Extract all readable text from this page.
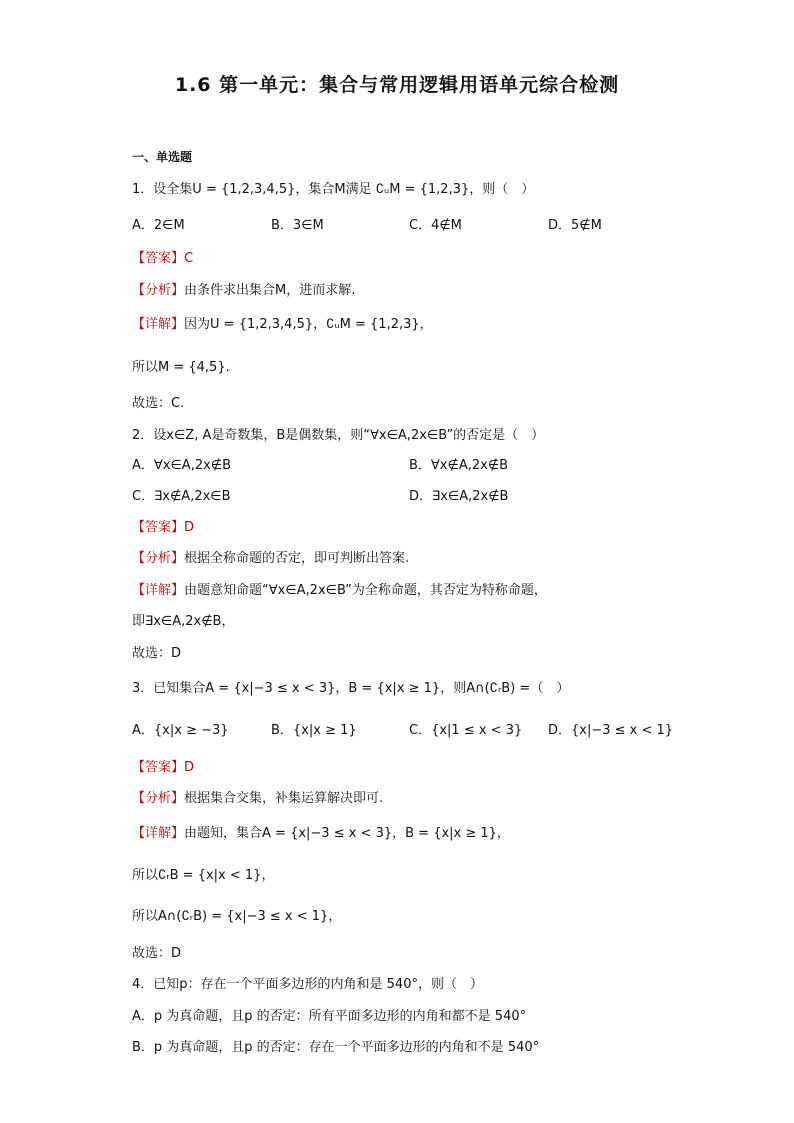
1.6 第一单元：集合与常用逻辑用语单元综合检测
一、单选题
1．设全集U = {1,2,3,4,5}，集合M满足 ∁ᵤM = {1,2,3}，则（　）
A．2∈M	B．3∈M	C．4∉M	D．5∉M
【答案】C
【分析】由条件求出集合M，进而求解.
【详解】因为U = {1,2,3,4,5}，∁ᵤM = {1,2,3}，
所以M = {4,5}.
故选：C.
2．设x∈Z, A是奇数集，B是偶数集，则“∀x∈A,2x∈B”的否定是（　）
A．∀x∈A,2x∉B	B．∀x∉A,2x∉B
C．∃x∉A,2x∈B	D．∃x∈A,2x∉B
【答案】D
【分析】根据全称命题的否定，即可判断出答案.
【详解】由题意知命题“∀x∈A,2x∈B”为全称命题，其否定为特称命题，
即∃x∈A,2x∉B，
故选：D
3．已知集合A = {x|−3 ≤ x < 3}，B = {x|x ≥ 1}，则A∩(∁ᵣB) =（　）
A．{x|x ≥ −3}	B．{x|x ≥ 1}	C．{x|1 ≤ x < 3} D．{x|−3 ≤ x < 1}
【答案】D
【分析】根据集合交集，补集运算解决即可.
【详解】由题知，集合A = {x|−3 ≤ x < 3}，B = {x|x ≥ 1}，
所以∁ᵣB = {x|x < 1}，
所以A∩(∁ᵣB) = {x|−3 ≤ x < 1}，
故选：D
4．已知p：存在一个平面多边形的内角和是 540°，则（　）
A．p 为真命题，且p 的否定：所有平面多边形的内角和都不是 540°
B．p 为真命题，且p 的否定：存在一个平面多边形的内角和不是 540°
